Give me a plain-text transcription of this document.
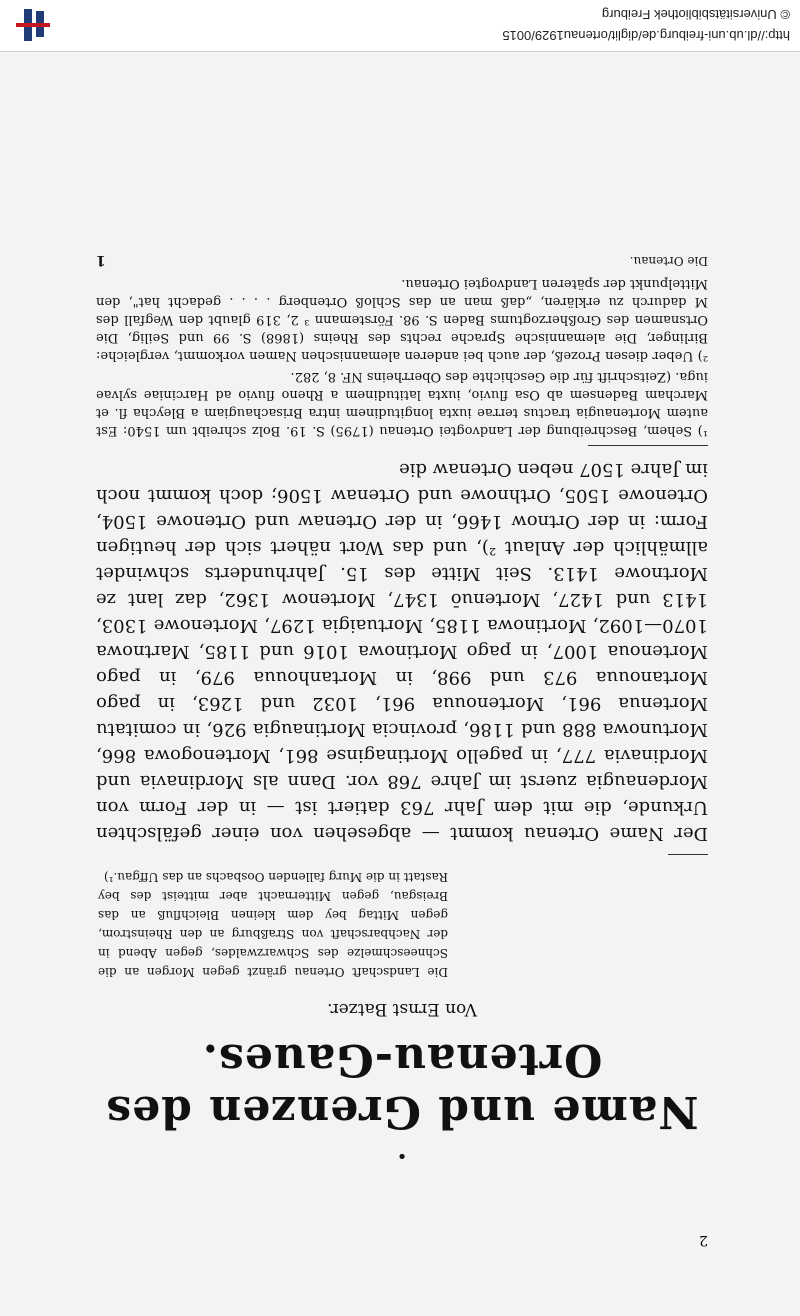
http://dl.ub.uni-freiburg.de/diglit/ortenau1929/0015
© Universitätsbibliothek Freiburg
2

•

Name und Grenzen des Ortenau-Gaues.

Von Ernst Batzer.

Die Landschaft Ortenau gränzt gegen Morgen an die Schneeschmelze des Schwarzwaldes, gegen Abend in der Nachbarschaft von Straßburg an den Rheinstrom, gegen Mittag bey dem kleinen Bleichfluß an das Breisgau, gegen Mitternacht aber mitteist des bey Rastatt in die Murg fallenden Oosbachs an das Uffgau.¹)

Der Name Ortenau kommt — abgesehen von einer gefälschten Urkunde, die mit dem Jahr 763 datiert ist — in der Form von Mordenaugia zuerst im Jahre 768 vor. Dann als Mordinavia und Mordinavia 777, in pagello Mortinaginse 861, Mortenogowa 866, Mortunowa 888 und 1186, provincia Mortinaugia 926, in comitatu Mortenua 961, Mortenouua 961, 1032 und 1263, in pago Mortanouua 973 und 998, in Mortanhouua 979, in pago Mortenoua 1007, in pago Mortinowa 1016 und 1185, Martnowa 1070—1092, Mortinowa 1185, Mortuaigia 1297, Mortenowe 1303, 1413 und 1427, Mortenuō 1347, Mortenow 1362, daz lant ze Mortnowe 1413. Seit Mitte des 15. Jahrhunderts schwindet allmählich der Anlaut ²), und das Wort nähert sich der heutigen Form: in der Ortnow 1466, in der Ortenaw und Ortenowe 1504, Ortenowe 1505, Orthnowe und Ortenaw 1506; doch kommt noch im Jahre 1507 neben Ortenaw die

¹) Sehem, Beschreibung der Landvogtei Ortenau (1795) S. 19. Bolz schreibt um 1540: Est autem Mortenaugia tractus terrae iuxta longitudinem intra Brisachaugiam a Bleycha fl. et Marcham Badensem ab Osa fluvio, iuxta latitudinem a Rheno fluvio ad Harciniae sylvae iuga. (Zeitschrift für die Geschichte des Oberrheins NF. 8, 282.

²) Ueber diesen Prozeß, der auch bei anderen alemannischen Namen vorkommt, vergleiche: Birlinger, Die alemannische Sprache rechts des Rheins (1868) S. 99 und Seilig, Die Ortsnamen des Großherzogtums Baden S. 98. Förstemann ³ 2, 319 glaubt den Wegfall des M dadurch zu erklären, „daß man an das Schloß Ortenberg . . . . gedacht hat", den Mittelpunkt der späteren Landvogtei Ortenau.

Die Ortenau.
1
